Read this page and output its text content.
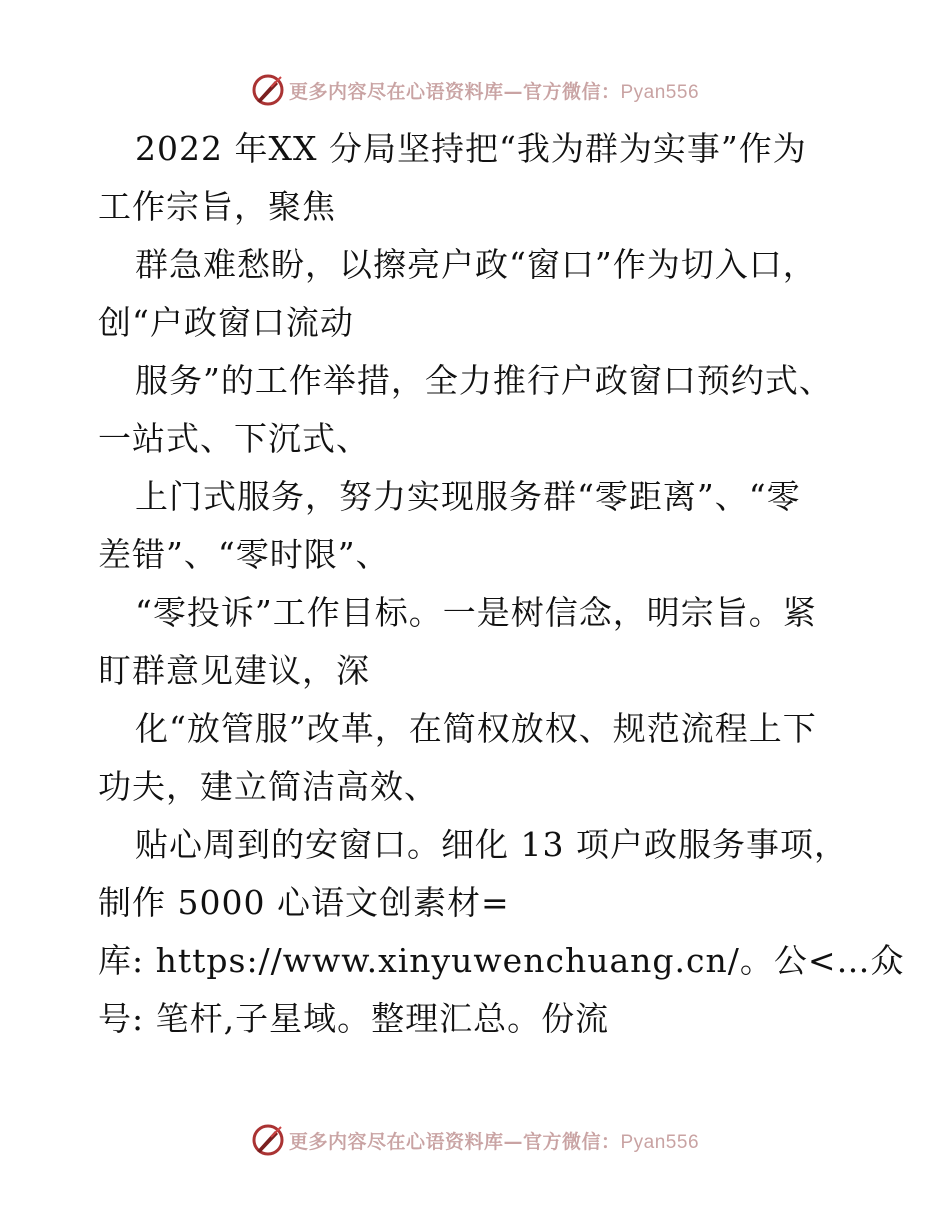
更多内容尽在心语资料库—官方微信：Pyan556
2022 年XX 分局坚持把“我为群为实事”作为
工作宗旨，聚焦
群急难愁盼，以擦亮户政“窗口”作为切入口，
创“户政窗口流动
服务”的工作举措，全力推行户政窗口预约式、
一站式、下沉式、
上门式服务，努力实现服务群“零距离”、“零
差错”、“零时限”、
“零投诉”工作目标。一是树信念，明宗旨。紧
盯群意见建议，深
化“放管服”改革，在简权放权、规范流程上下
功夫，建立简洁高效、
贴心周到的安窗口。细化 13 项户政服务事项，
制作 5000 心语文创素材=
库: https://www.xinyuwenchuang.cn/。公<…众
号: 笔杆,子星域。整理汇总。份流
更多内容尽在心语资料库—官方微信：Pyan556
